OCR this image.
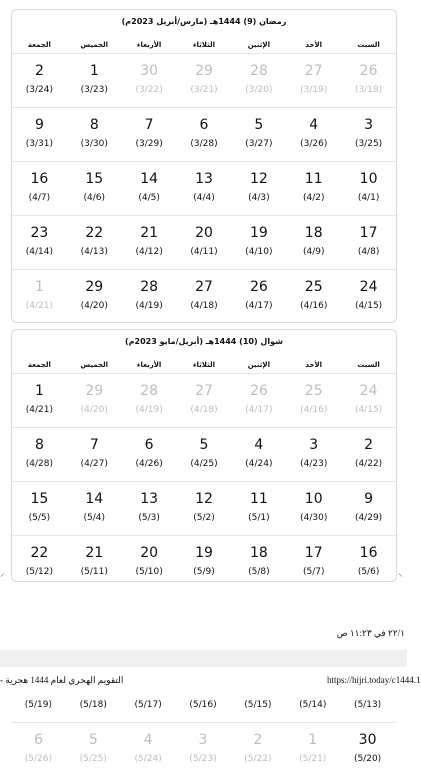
رمضان (9) 1444هـ (مارس/أبريل 2023م)
السبت
الأحد
الإثنين
الثلاثاء
الأربعاء
الخميس
الجمعة
26
(3/18)
27
(3/19)
28
(3/20)
29
(3/21)
30
(3/22)
1
(3/23)
2
(3/24)
3
(3/25)
4
(3/26)
5
(3/27)
6
(3/28)
7
(3/29)
8
(3/30)
9
(3/31)
10
(4/1)
11
(4/2)
12
(4/3)
13
(4/4)
14
(4/5)
15
(4/6)
16
(4/7)
17
(4/8)
18
(4/9)
19
(4/10)
20
(4/11)
21
(4/12)
22
(4/13)
23
(4/14)
24
(4/15)
25
(4/16)
26
(4/17)
27
(4/18)
28
(4/19)
29
(4/20)
1
(4/21)
شوال (10) 1444هـ (أبريل/مايو 2023م)
السبت
الأحد
الإثنين
الثلاثاء
الأربعاء
الخميس
الجمعة
24
(4/15)
25
(4/16)
26
(4/17)
27
(4/18)
28
(4/19)
29
(4/20)
1
(4/21)
2
(4/22)
3
(4/23)
4
(4/24)
5
(4/25)
6
(4/26)
7
(4/27)
8
(4/28)
9
(4/29)
10
(4/30)
11
(5/1)
12
(5/2)
13
(5/3)
14
(5/4)
15
(5/5)
16
(5/6)
17
(5/7)
18
(5/8)
19
(5/9)
20
(5/10)
21
(5/11)
22
(5/12)
⸝	⸜
٢٢/١ في ١١:٢٣ ص
التقويم الهجري لعام 1444 هجرية -	https://hijri.today/c1444.1
(5/13)
(5/14)
(5/15)
(5/16)
(5/17)
(5/18)
(5/19)
30
(5/20)
1
(5/21)
2
(5/22)
3
(5/23)
4
(5/24)
5
(5/25)
6
(5/26)
